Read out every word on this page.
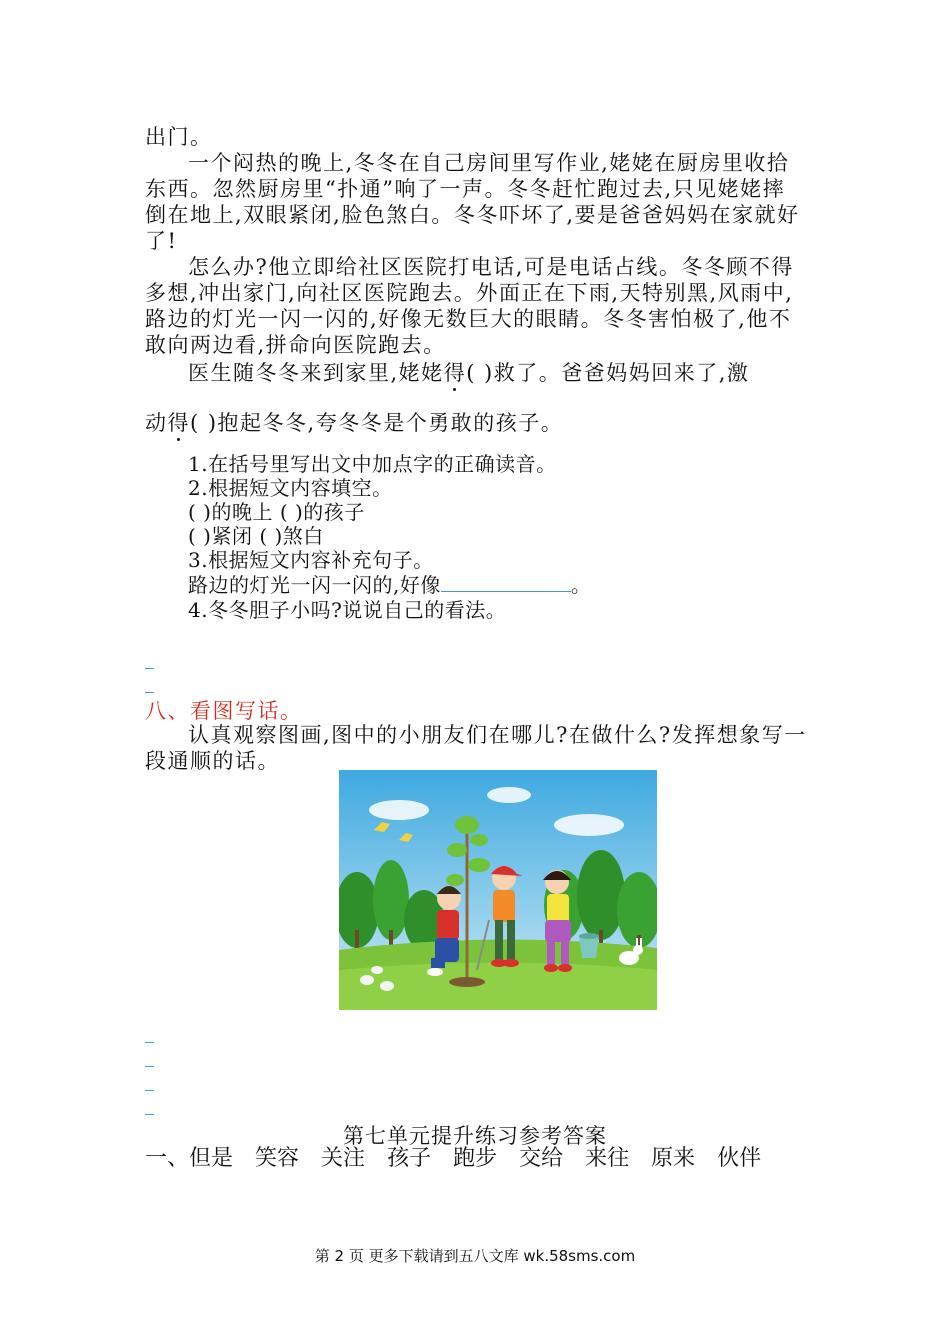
出门。
一个闷热的晚上,冬冬在自己房间里写作业,姥姥在厨房里收拾
东西。忽然厨房里“扑通”响了一声。冬冬赶忙跑过去,只见姥姥摔
倒在地上,双眼紧闭,脸色煞白。冬冬吓坏了,要是爸爸妈妈在家就好
了!
怎么办?他立即给社区医院打电话,可是电话占线。冬冬顾不得
多想,冲出家门,向社区医院跑去。外面正在下雨,天特别黑,风雨中,
路边的灯光一闪一闪的,好像无数巨大的眼睛。冬冬害怕极了,他不
敢向两边看,拼命向医院跑去。
医生随冬冬来到家里,姥姥得( )救了。爸爸妈妈回来了,激
动得( )抱起冬冬,夸冬冬是个勇敢的孩子。
1.在括号里写出文中加点字的正确读音。
2.根据短文内容填空。
( )的晚上 ( )的孩子
( )紧闭 ( )煞白
3.根据短文内容补充句子。
路边的灯光一闪一闪的,好像	。
4.冬冬胆子小吗?说说自己的看法。
八、看图写话。
认真观察图画,图中的小朋友们在哪儿?在做什么?发挥想象写一
段通顺的话。
第七单元提升练习参考答案
一、但是 笑容 关注 孩子 跑步 交给 来往 原来 伙伴
第 2 页 更多下载请到五八文库 wk.58sms.com
